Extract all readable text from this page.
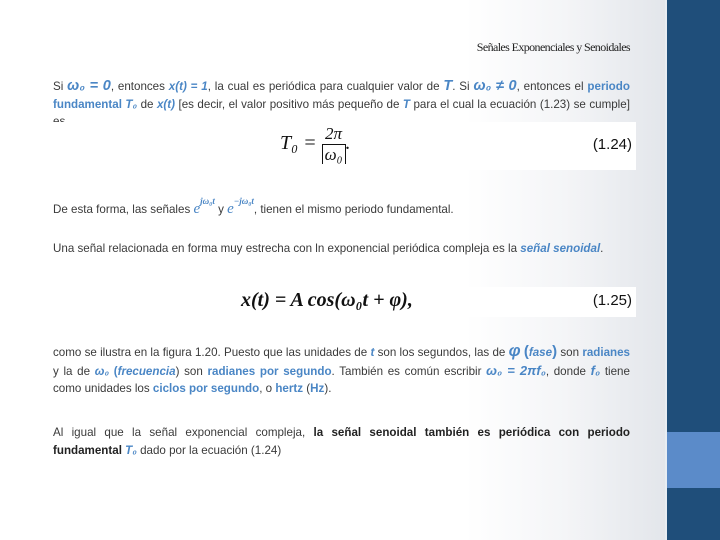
Señales Exponenciales y Senoidales
Si ω₀ = 0, entonces x(t) = 1, la cual es periódica para cualquier valor de T. Si ω₀ ≠ 0, entonces el periodo fundamental T₀ de x(t) [es decir, el valor positivo más pequeño de T para el cual la ecuación (1.23) se cumple]
$T_0 = \frac{2\pi}{\text{ω₀}}$ .	(1.24)
De esta forma, las señales $e^{j\omega_0t}$ y $e^{-j\omega_0t}$, tienen el mismo periodo fundamental.
Una señal relacionada en forma muy estrecha con ln exponencial periódica compleja es la señal senoidal.
x(t) = A cos(ω₀t + φ),	(1.25)
como se ilustra en la figura 1.20. Puesto que las unidades de t son los segundos, las de φ (fase) son radianes y la de ω₀ (frecuencia) son radianes por segundo. También es común escribir ω₀ = 2πf₀, donde f₀ tiene como unidades los ciclos por segundo, o hertz (Hz).
Al igual que la señal exponencial compleja, la señal senoidal también es periódica con periodo fundamental T₀ dado por la ecuación (1.24)
